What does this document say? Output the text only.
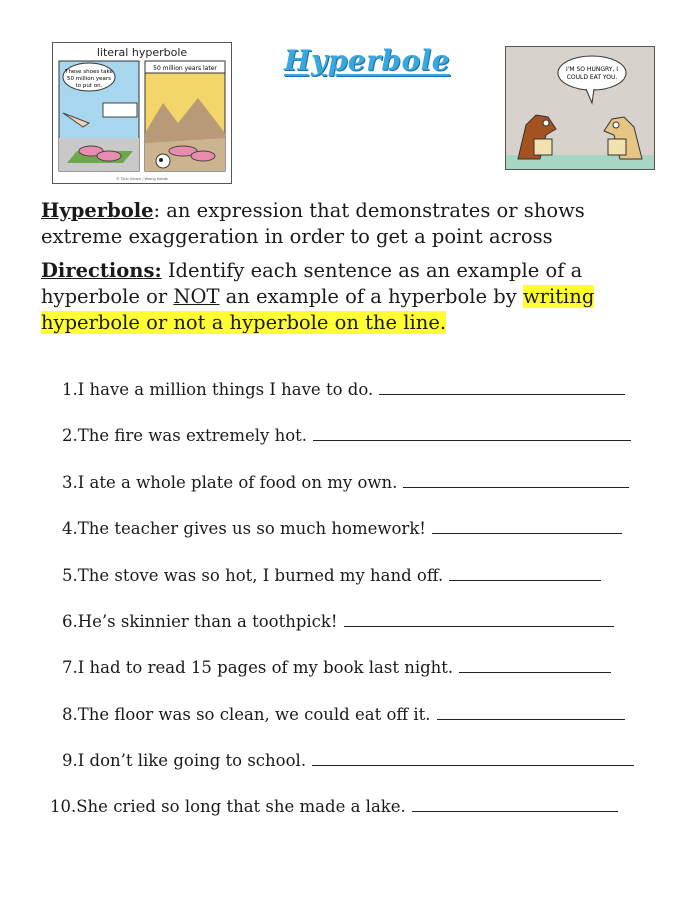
literal hyperbole
These shoes take
50 million years
to put on.
50 million years later
© Tyler Alcorn / Wrong Hands
Hyperbole	I'M SO HUNGRY, I
COULD EAT YOU.
Hyperbole: an expression that demonstrates or shows extreme exaggeration in order to get a point across
Directions: Identify each sentence as an example of a hyperbole or NOT an example of a hyperbole by writing hyperbole or not a hyperbole on the line.
1. I have a million things I have to do.
2. The fire was extremely hot.
3. I ate a whole plate of food on my own.
4. The teacher gives us so much homework!
5. The stove was so hot, I burned my hand off.
6. He’s skinnier than a toothpick!
7. I had to read 15 pages of my book last night.
8. The floor was so clean, we could eat off it.
9. I don’t like going to school.
10. She cried so long that she made a lake.
